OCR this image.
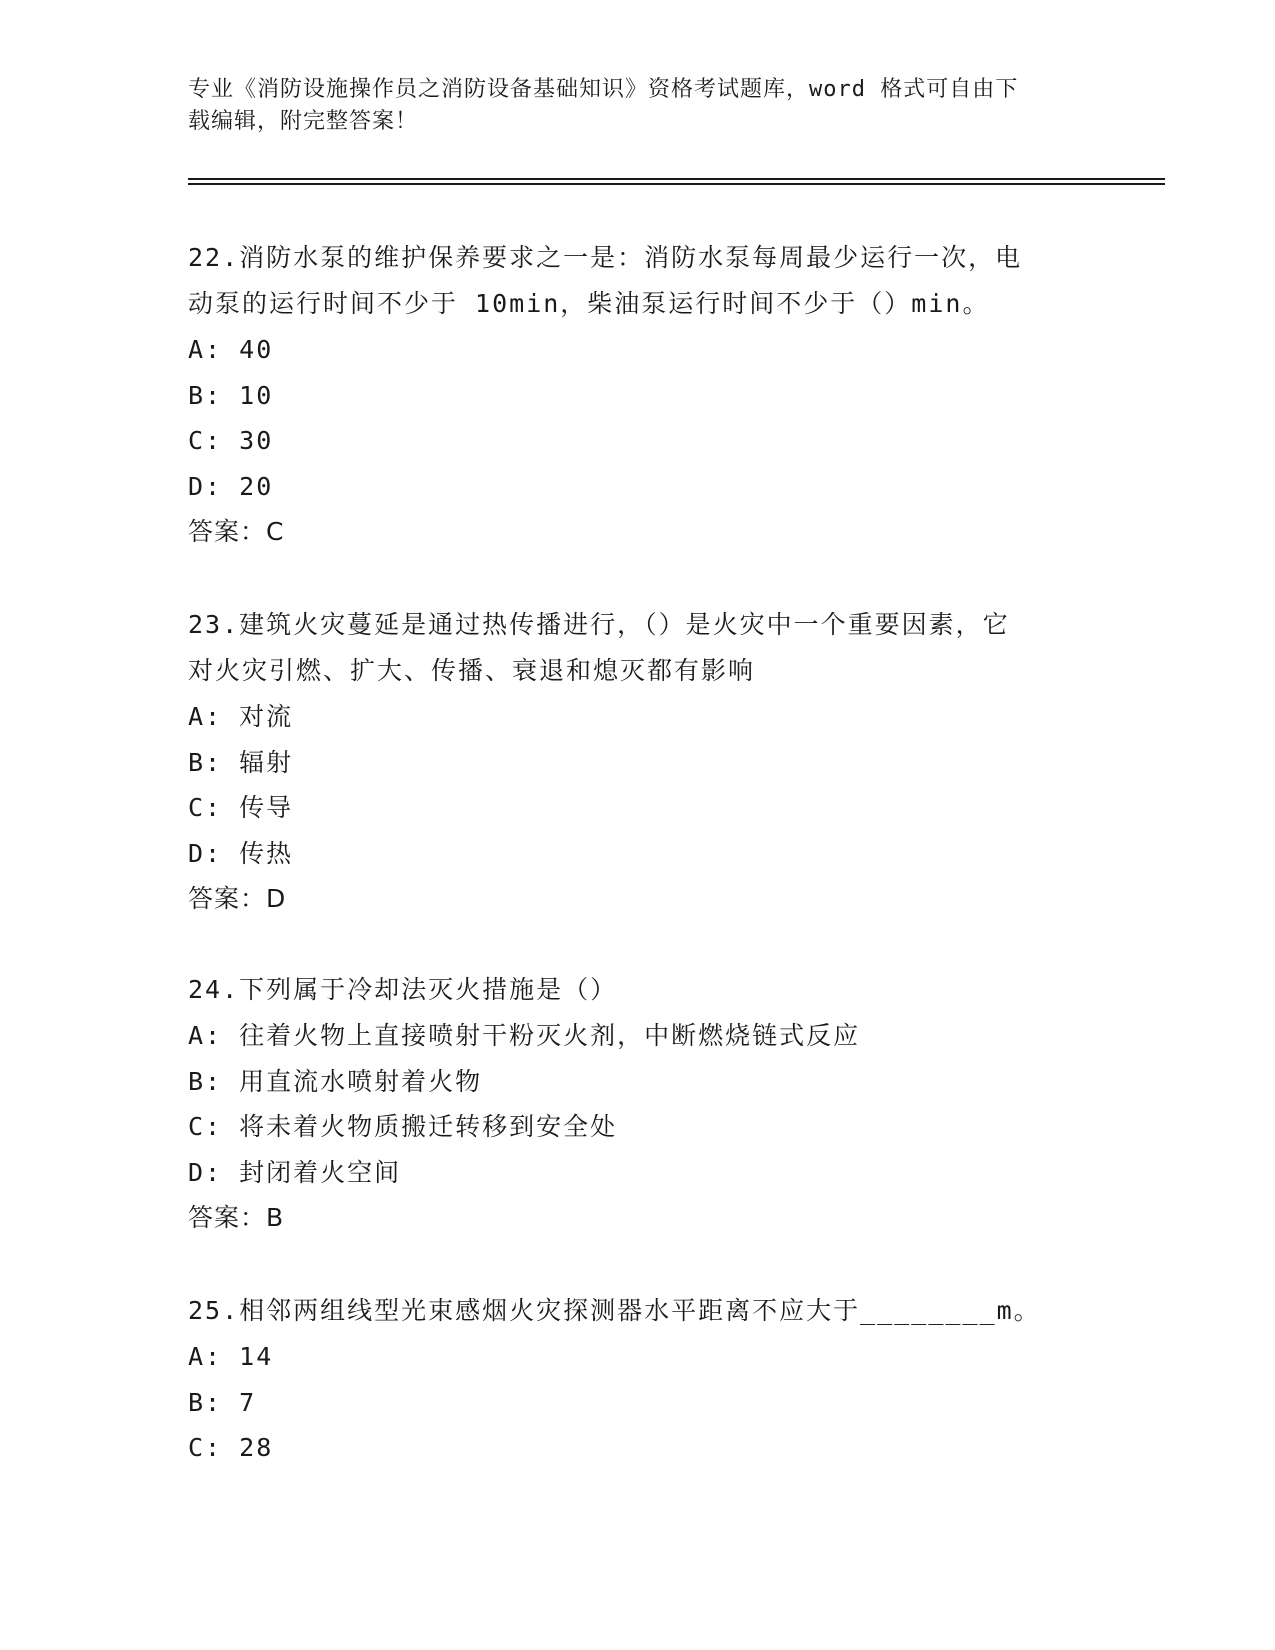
专业《消防设施操作员之消防设备基础知识》资格考试题库，word 格式可自由下
载编辑，附完整答案！

22.消防水泵的维护保养要求之一是：消防水泵每周最少运行一次，电

动泵的运行时间不少于 10min，柴油泵运行时间不少于（）min。

A: 40

B: 10

C: 30

D: 20

答案：C

23.建筑火灾蔓延是通过热传播进行，（）是火灾中一个重要因素，它

对火灾引燃、扩大、传播、衰退和熄灭都有影响

A: 对流

B: 辐射

C: 传导

D: 传热

答案：D

24.下列属于冷却法灭火措施是（）

A: 往着火物上直接喷射干粉灭火剂，中断燃烧链式反应

B: 用直流水喷射着火物

C: 将未着火物质搬迁转移到安全处

D: 封闭着火空间

答案：B

25.相邻两组线型光束感烟火灾探测器水平距离不应大于________m。

A: 14

B: 7

C: 28
